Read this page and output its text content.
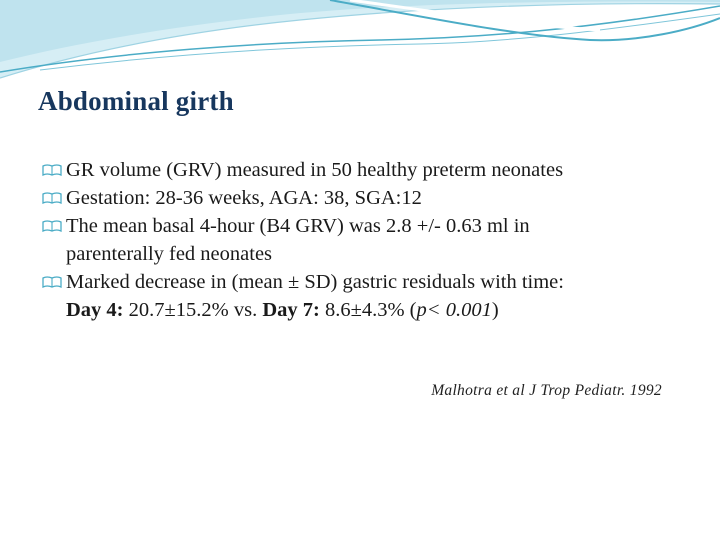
Abdominal girth
GR volume (GRV) measured in 50 healthy preterm neonates
Gestation: 28-36 weeks, AGA: 38, SGA:12
The mean basal 4-hour (B4 GRV) was 2.8 +/- 0.63 ml in
parenterally fed neonates
Marked decrease in (mean ± SD) gastric residuals with time:
Day 4: 20.7±15.2% vs. Day 7: 8.6±4.3% (p< 0.001)
Malhotra et al J Trop Pediatr. 1992
